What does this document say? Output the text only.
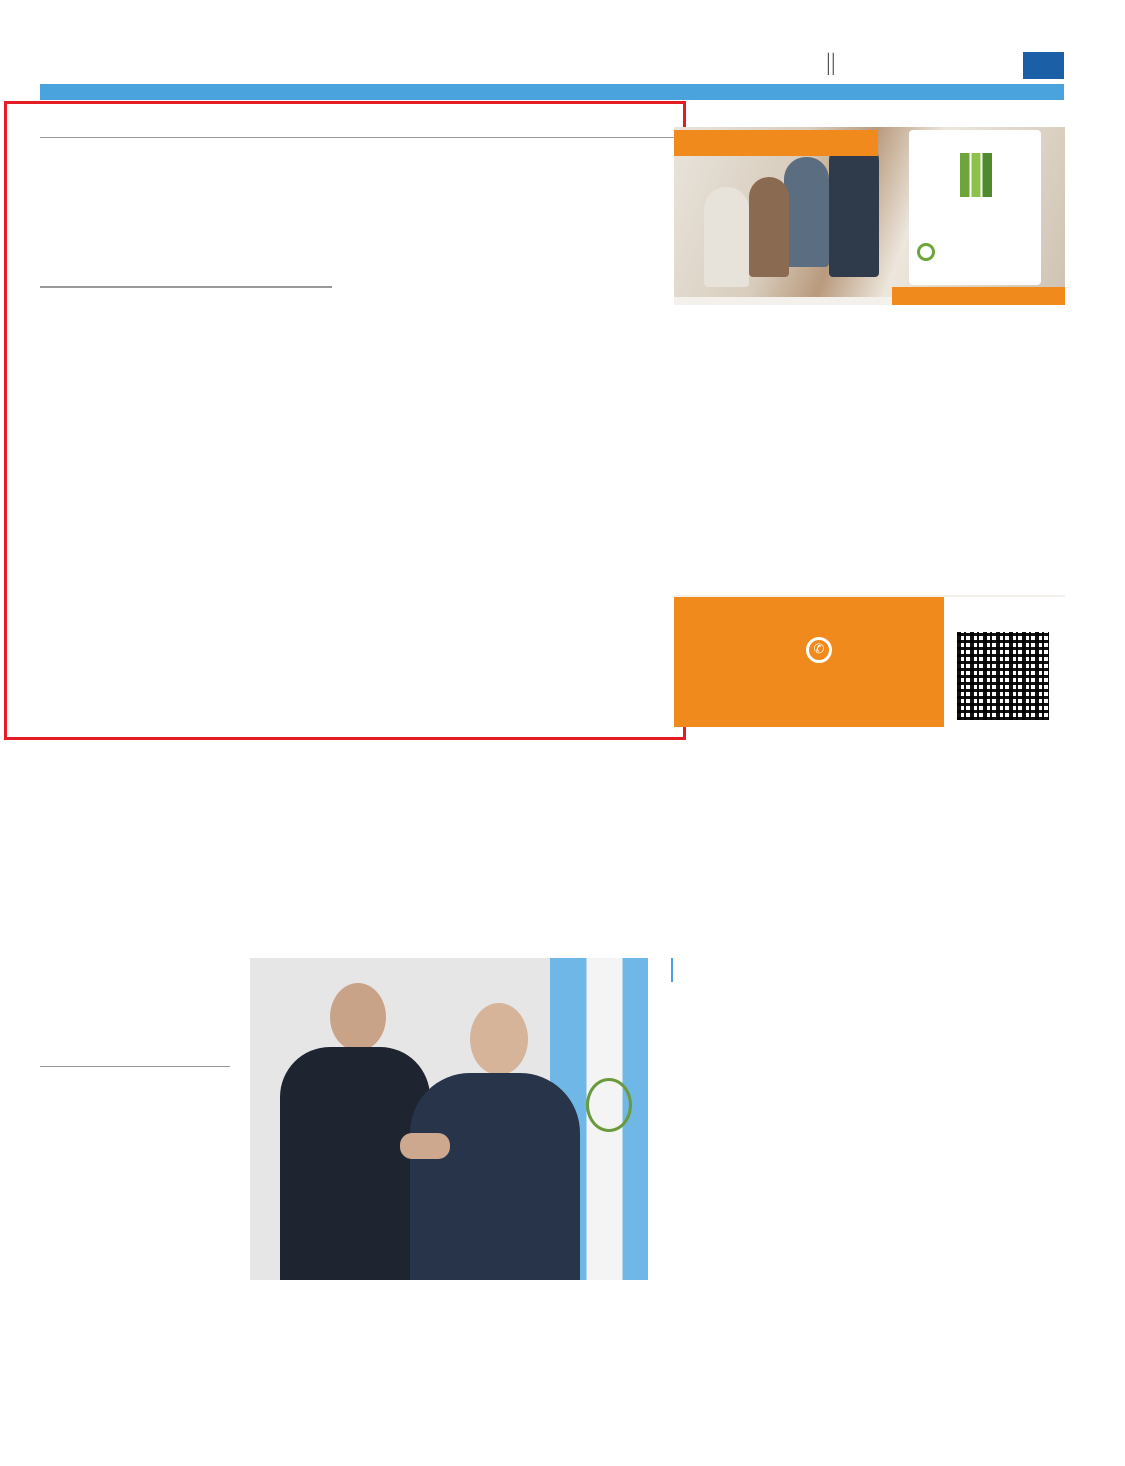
||
✆
